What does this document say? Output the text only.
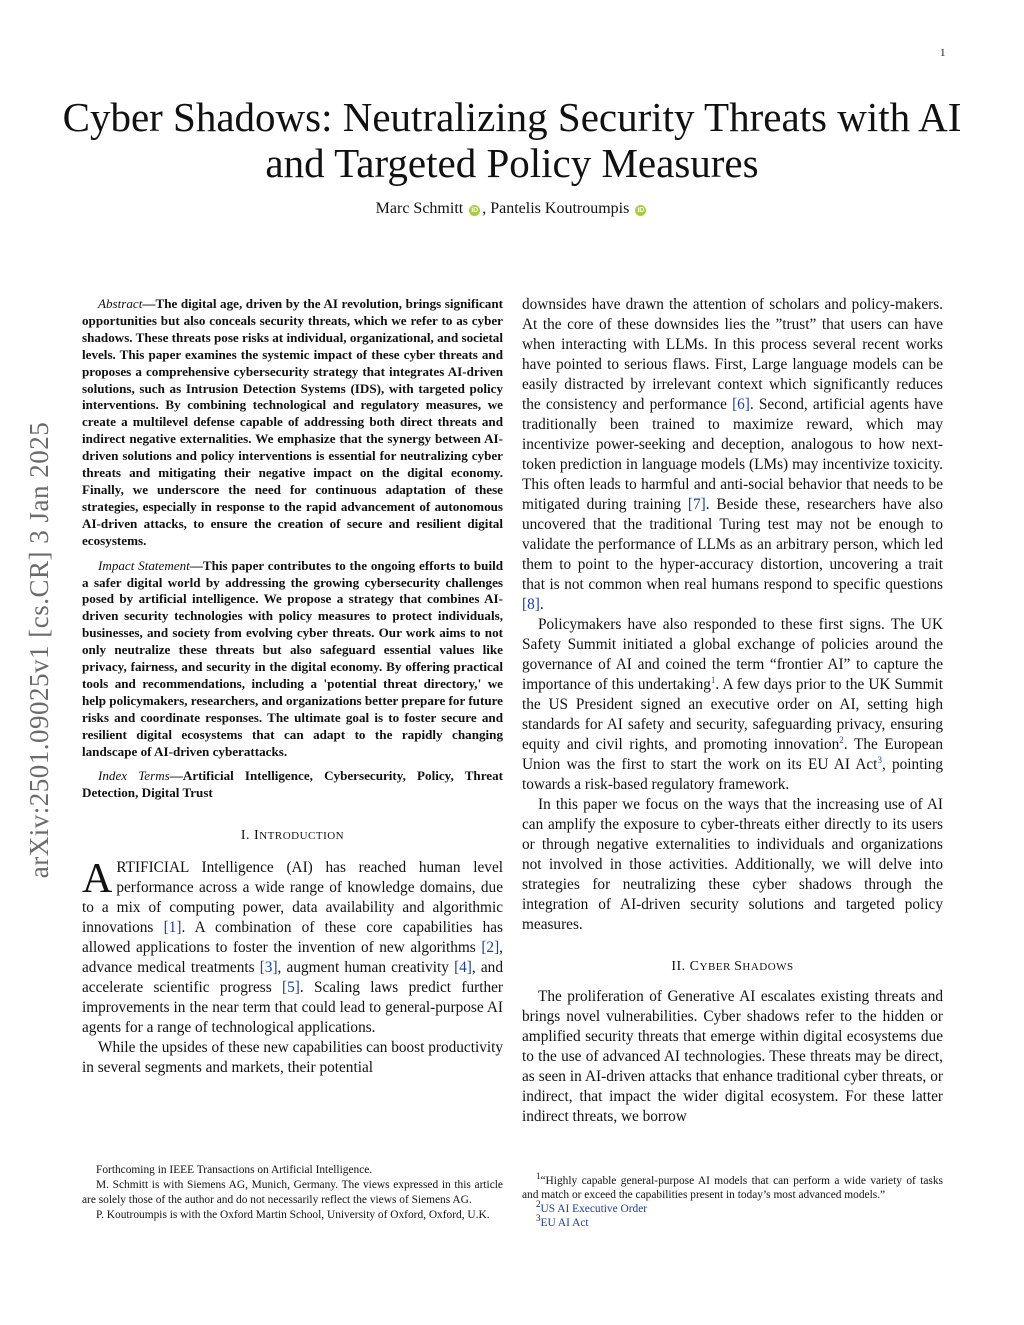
1
arXiv:2501.09025v1 [cs.CR] 3 Jan 2025
Cyber Shadows: Neutralizing Security Threats with AI and Targeted Policy Measures
Marc Schmitt iD , Pantelis Koutroumpis iD

Abstract—The digital age, driven by the AI revolution, brings significant opportunities but also conceals security threats, which we refer to as cyber shadows. These threats pose risks at individual, organizational, and societal levels. This paper examines the systemic impact of these cyber threats and proposes a comprehensive cybersecurity strategy that integrates AI-driven solutions, such as Intrusion Detection Systems (IDS), with targeted policy interventions. By combining technological and regulatory measures, we create a multilevel defense capable of addressing both direct threats and indirect negative externalities. We emphasize that the synergy between AI-driven solutions and policy interventions is essential for neutralizing cyber threats and mitigating their negative impact on the digital economy. Finally, we underscore the need for continuous adaptation of these strategies, especially in response to the rapid advancement of autonomous AI-driven attacks, to ensure the creation of secure and resilient digital ecosystems.

Impact Statement—This paper contributes to the ongoing efforts to build a safer digital world by addressing the growing cybersecurity challenges posed by artificial intelligence. We propose a strategy that combines AI-driven security technologies with policy measures to protect individuals, businesses, and society from evolving cyber threats. Our work aims to not only neutralize these threats but also safeguard essential values like privacy, fairness, and security in the digital economy. By offering practical tools and recommendations, including a 'potential threat directory,' we help policymakers, researchers, and organizations better prepare for future risks and coordinate responses. The ultimate goal is to foster secure and resilient digital ecosystems that can adapt to the rapidly changing landscape of AI-driven cyberattacks.

Index Terms—Artificial Intelligence, Cybersecurity, Policy, Threat Detection, Digital Trust

I. INTRODUCTION

ARTIFICIAL Intelligence (AI) has reached human level performance across a wide range of knowledge domains, due to a mix of computing power, data availability and algorithmic innovations [1]. A combination of these core capabilities has allowed applications to foster the invention of new algorithms [2], advance medical treatments [3], augment human creativity [4], and accelerate scientific progress [5]. Scaling laws predict further improvements in the near term that could lead to general-purpose AI agents for a range of technological applications.

While the upsides of these new capabilities can boost productivity in several segments and markets, their potential

downsides have drawn the attention of scholars and policy-makers. At the core of these downsides lies the ”trust” that users can have when interacting with LLMs. In this process several recent works have pointed to serious flaws. First, Large language models can be easily distracted by irrelevant context which significantly reduces the consistency and performance [6]. Second, artificial agents have traditionally been trained to maximize reward, which may incentivize power-seeking and deception, analogous to how next-token prediction in language models (LMs) may incentivize toxicity. This often leads to harmful and anti-social behavior that needs to be mitigated during training [7]. Beside these, researchers have also uncovered that the traditional Turing test may not be enough to validate the performance of LLMs as an arbitrary person, which led them to point to the hyper-accuracy distortion, uncovering a trait that is not common when real humans respond to specific questions [8].

Policymakers have also responded to these first signs. The UK Safety Summit initiated a global exchange of policies around the governance of AI and coined the term “frontier AI” to capture the importance of this undertaking$^1$. A few days prior to the UK Summit the US President signed an executive order on AI, setting high standards for AI safety and security, safeguarding privacy, ensuring equity and civil rights, and promoting innovation$^2$. The European Union was the first to start the work on its EU AI Act$^3$, pointing towards a risk-based regulatory framework.

In this paper we focus on the ways that the increasing use of AI can amplify the exposure to cyber-threats either directly to its users or through negative externalities to individuals and organizations not involved in those activities. Additionally, we will delve into strategies for neutralizing these cyber shadows through the integration of AI-driven security solutions and targeted policy measures.

II. CYBER SHADOWS

The proliferation of Generative AI escalates existing threats and brings novel vulnerabilities. Cyber shadows refer to the hidden or amplified security threats that emerge within digital ecosystems due to the use of advanced AI technologies. These threats may be direct, as seen in AI-driven attacks that enhance traditional cyber threats, or indirect, that impact the wider digital ecosystem. For these latter indirect threats, we borrow

Forthcoming in IEEE Transactions on Artificial Intelligence.

M. Schmitt is with Siemens AG, Munich, Germany. The views expressed in this article are solely those of the author and do not necessarily reflect the views of Siemens AG.

P. Koutroumpis is with the Oxford Martin School, University of Oxford, Oxford, U.K.

$^1$“Highly capable general-purpose AI models that can perform a wide variety of tasks and match or exceed the capabilities present in today’s most advanced models.”

$^2$US AI Executive Order

$^3$EU AI Act
